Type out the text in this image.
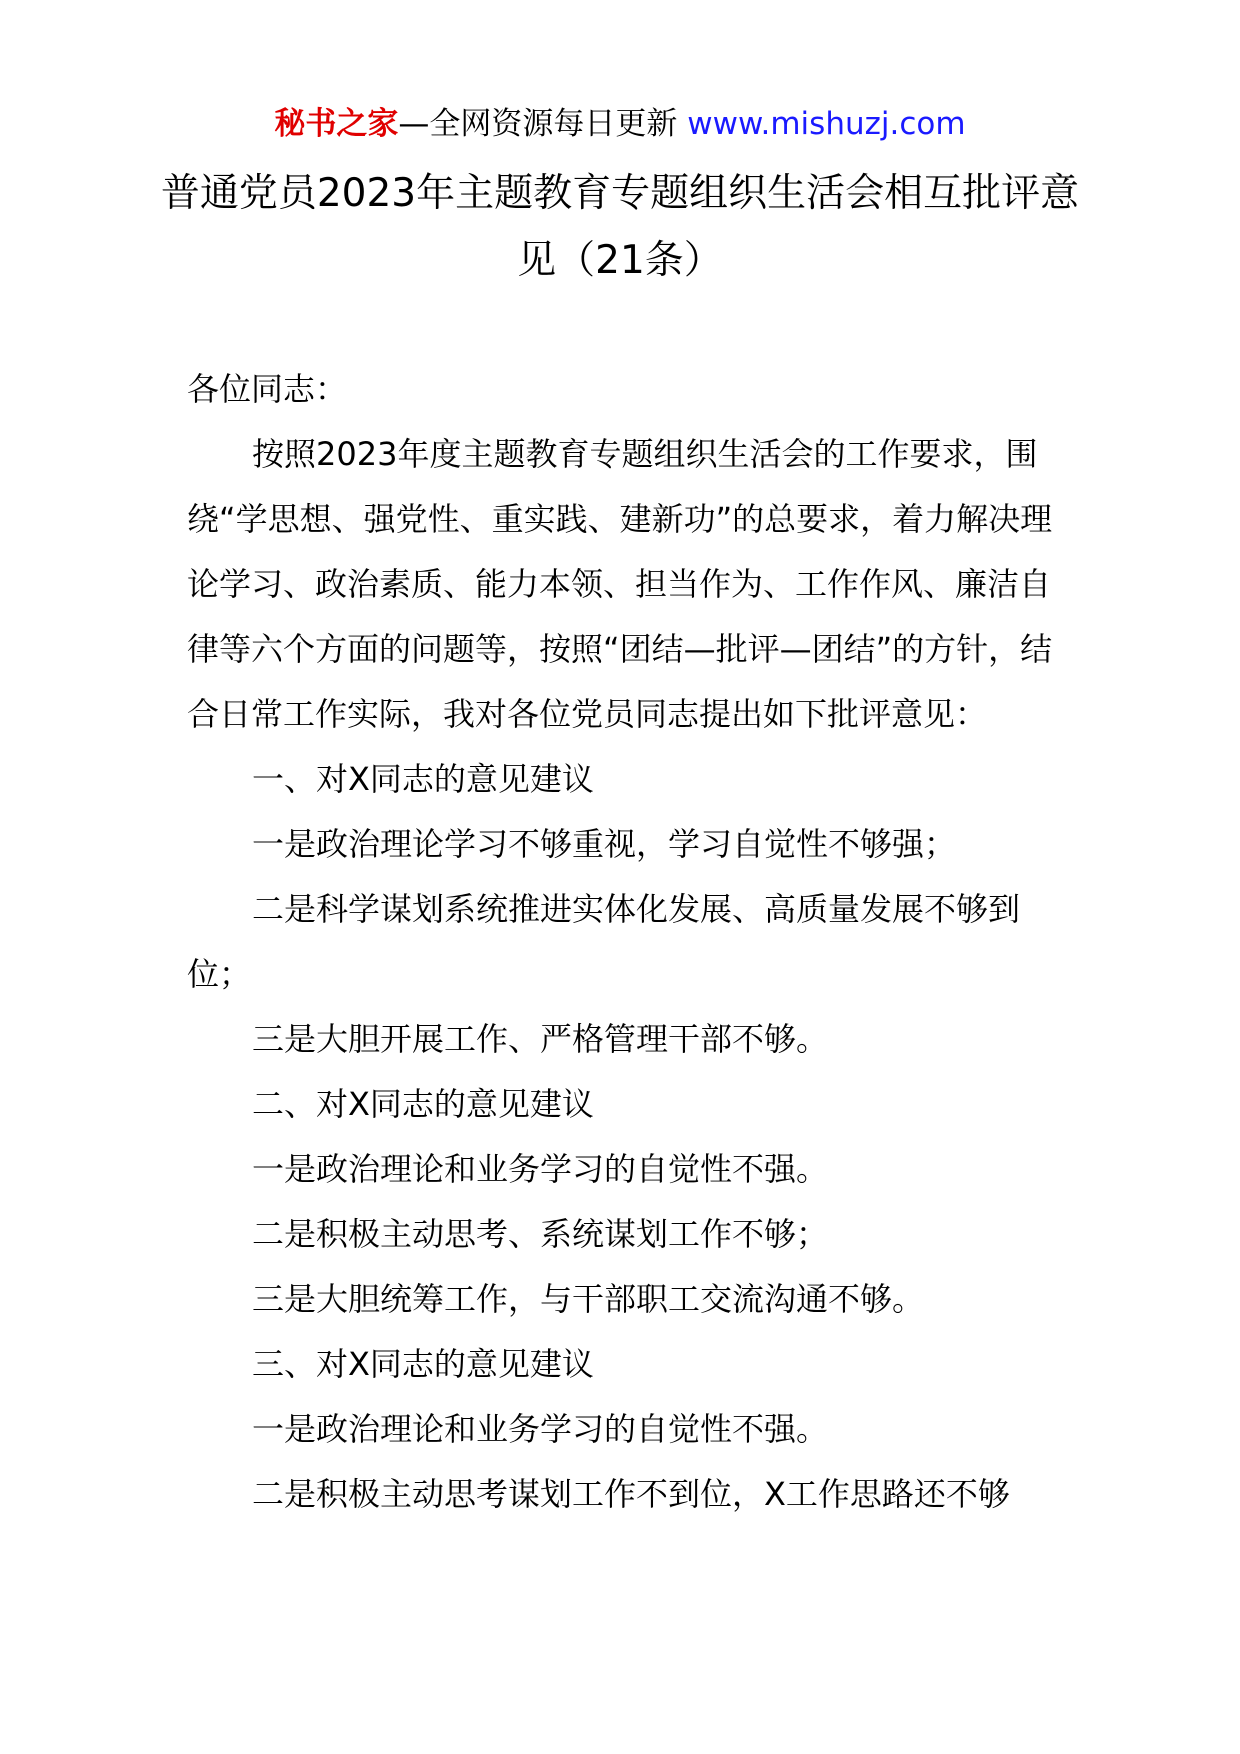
秘书之家—全网资源每日更新 www.mishuzj.com
普通党员2023年主题教育专题组织生活会相互批评意见（21条）

各位同志：

按照2023年度主题教育专题组织生活会的工作要求，围绕“学思想、强党性、重实践、建新功”的总要求，着力解决理论学习、政治素质、能力本领、担当作为、工作作风、廉洁自律等六个方面的问题等，按照“团结—批评—团结”的方针，结合日常工作实际，我对各位党员同志提出如下批评意见：

一、对X同志的意见建议

一是政治理论学习不够重视，学习自觉性不够强；

二是科学谋划系统推进实体化发展、高质量发展不够到位；

三是大胆开展工作、严格管理干部不够。

二、对X同志的意见建议

一是政治理论和业务学习的自觉性不强。

二是积极主动思考、系统谋划工作不够；

三是大胆统筹工作，与干部职工交流沟通不够。

三、对X同志的意见建议

一是政治理论和业务学习的自觉性不强。

二是积极主动思考谋划工作不到位，X工作思路还不够
